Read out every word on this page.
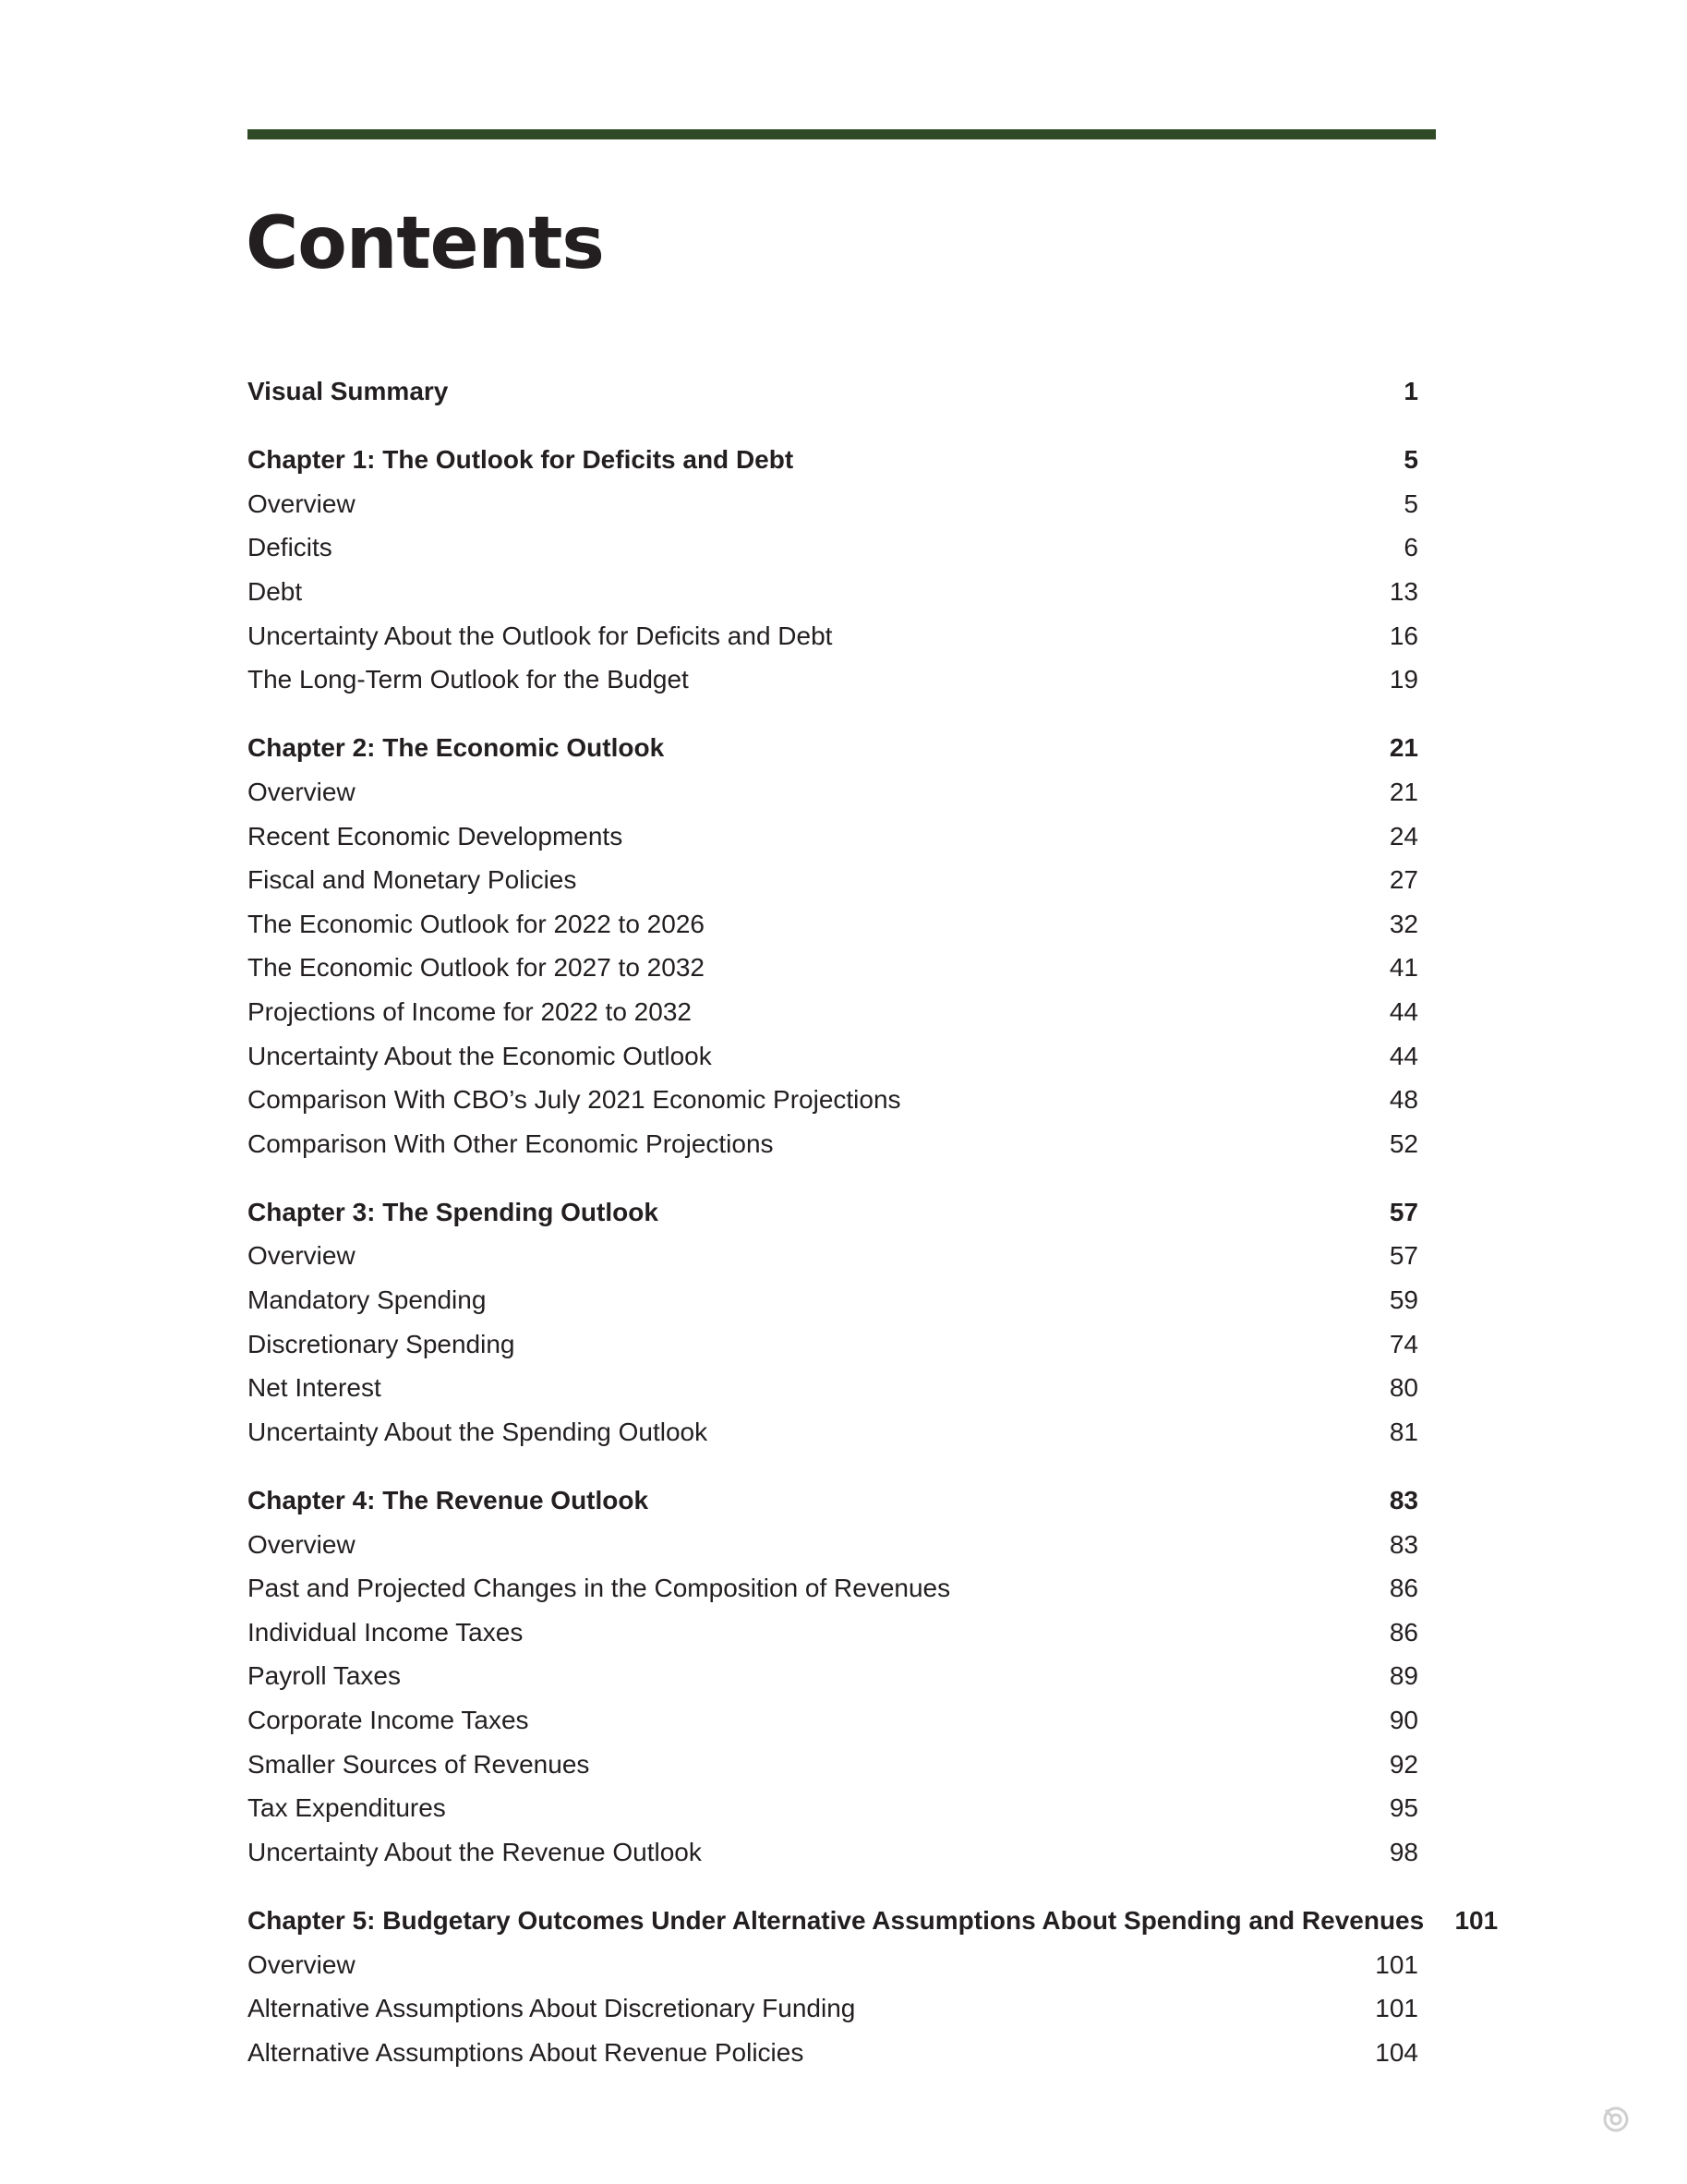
Contents
Visual Summary	1
Chapter 1: The Outlook for Deficits and Debt	5
Overview	5
Deficits	6
Debt	13
Uncertainty About the Outlook for Deficits and Debt	16
The Long-Term Outlook for the Budget	19
Chapter 2: The Economic Outlook	21
Overview	21
Recent Economic Developments	24
Fiscal and Monetary Policies	27
The Economic Outlook for 2022 to 2026	32
The Economic Outlook for 2027 to 2032	41
Projections of Income for 2022 to 2032	44
Uncertainty About the Economic Outlook	44
Comparison With CBO’s July 2021 Economic Projections	48
Comparison With Other Economic Projections	52
Chapter 3: The Spending Outlook	57
Overview	57
Mandatory Spending	59
Discretionary Spending	74
Net Interest	80
Uncertainty About the Spending Outlook	81
Chapter 4: The Revenue Outlook	83
Overview	83
Past and Projected Changes in the Composition of Revenues	86
Individual Income Taxes	86
Payroll Taxes	89
Corporate Income Taxes	90
Smaller Sources of Revenues	92
Tax Expenditures	95
Uncertainty About the Revenue Outlook	98
Chapter 5: Budgetary Outcomes Under Alternative Assumptions About Spending and Revenues	101
Overview	101
Alternative Assumptions About Discretionary Funding	101
Alternative Assumptions About Revenue Policies	104
